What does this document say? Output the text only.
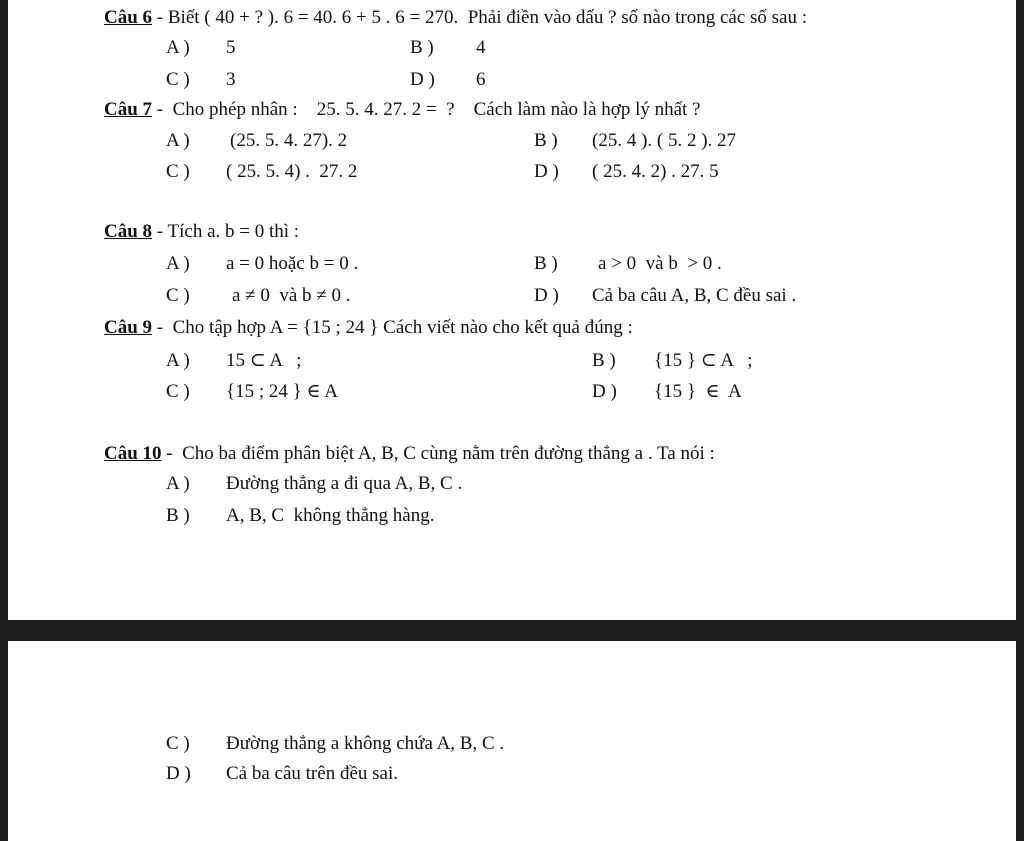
Câu 6 - Biết ( 40 + ? ). 6 = 40. 6 + 5 . 6 = 270.  Phải điền vào dấu ? số nào trong các số sau :
A ) 5	B ) 4
C ) 3	D ) 6
Câu 7 -  Cho phép nhân :    25. 5. 4. 27. 2 =  ?    Cách làm nào là hợp lý nhất ?
A ) (25. 5. 4. 27). 2	B ) (25. 4 ). ( 5. 2 ). 27
C ) ( 25. 5. 4) .  27. 2	D ) ( 25. 4. 2) . 27. 5
Câu 8 - Tích a. b = 0 thì :
A ) a = 0 hoặc b = 0 .	B ) a > 0  và b  > 0 .
C ) a ≠ 0  và b ≠ 0 .	D ) Cả ba câu A, B, C đều sai .
Câu 9 -  Cho tập hợp A = {15 ; 24 } Cách viết nào cho kết quả đúng :
A ) 15 ⊂ A   ;	B ) {15 } ⊂ A   ;
C ) {15 ; 24 } ∈ A	D ) {15 }  ∈  A
Câu 10 -  Cho ba điểm phân biệt A, B, C cùng nằm trên đường thẳng a . Ta nói :
A ) Đường thẳng a đi qua A, B, C .
B ) A, B, C  không thẳng hàng.
C ) Đường thẳng a không chứa A, B, C .
D ) Cả ba câu trên đều sai.
